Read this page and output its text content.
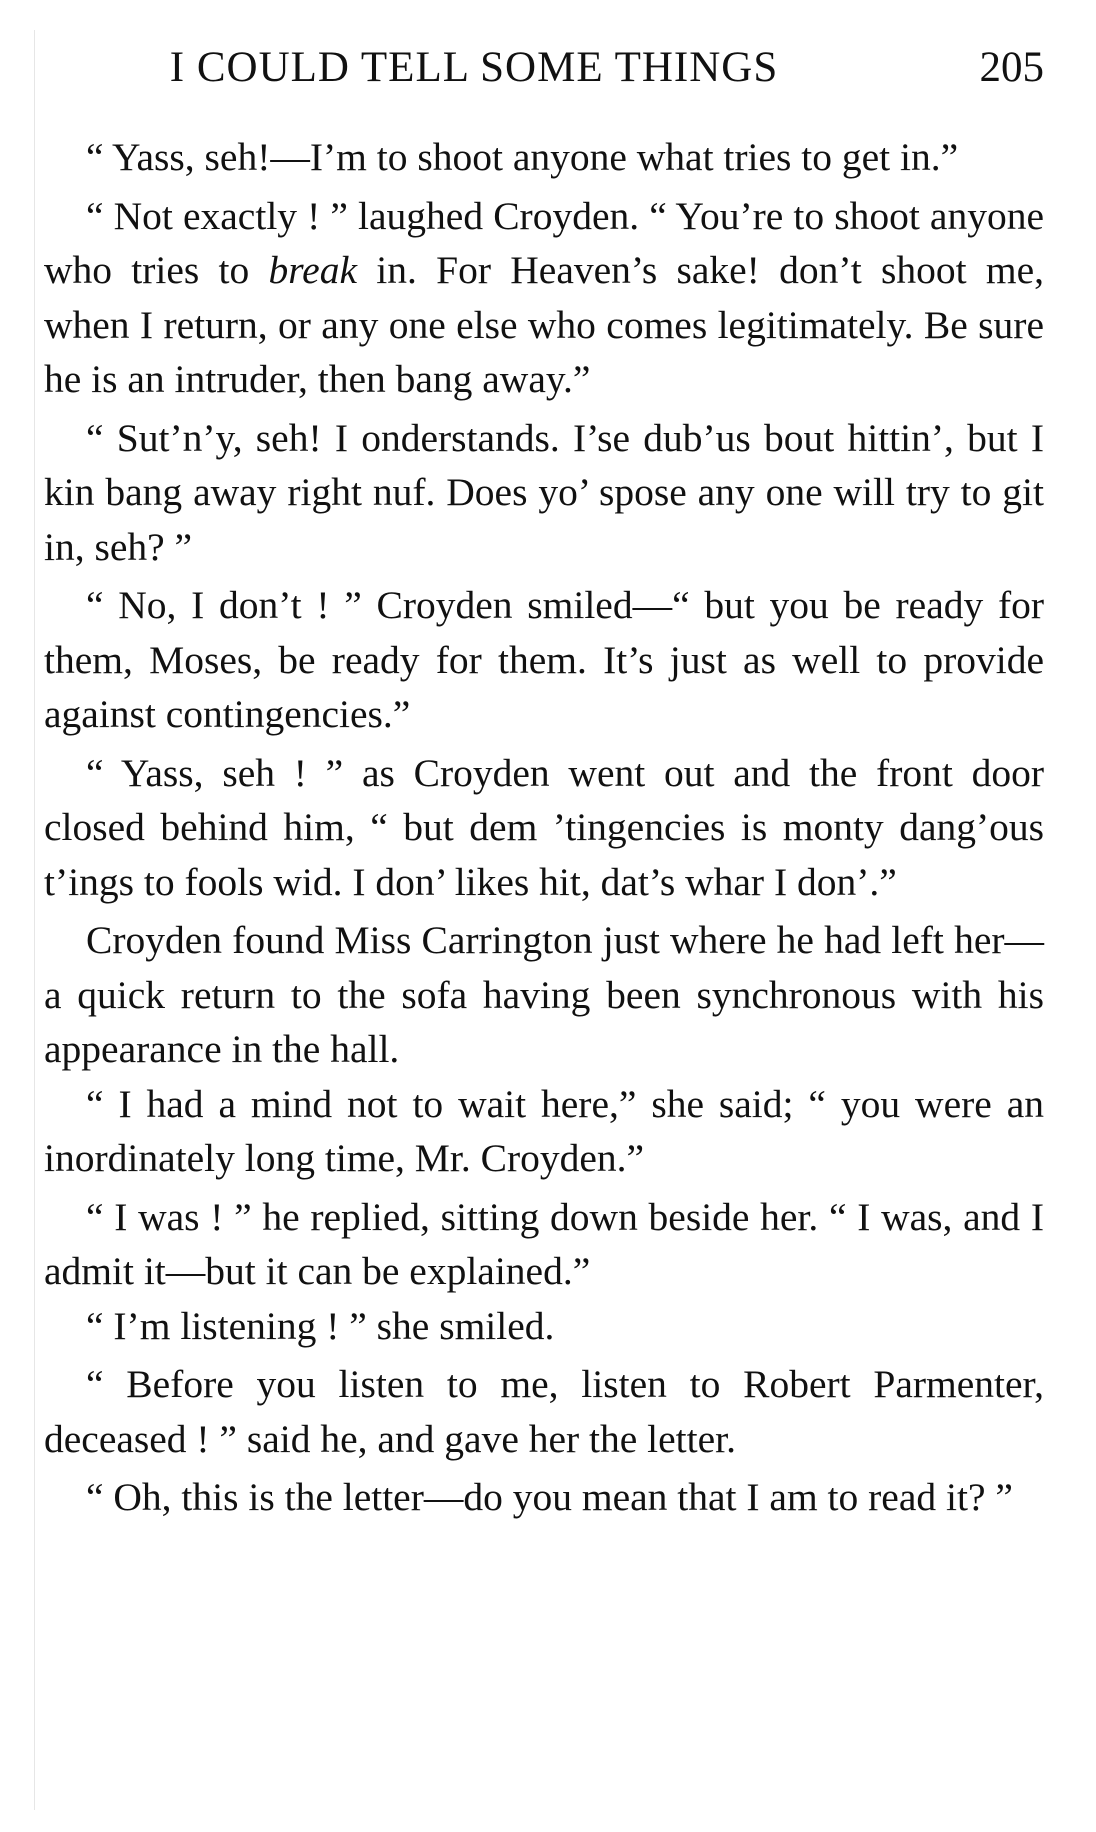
I COULD TELL SOME THINGS	205

“ Yass, seh!—I’m to shoot anyone what tries to get in.”

“ Not exactly ! ” laughed Croyden. “ You’re to shoot anyone who tries to break in. For Heaven’s sake! don’t shoot me, when I return, or any one else who comes legitimately. Be sure he is an intruder, then bang away.”

“ Sut’n’y, seh! I onderstands. I’se dub’us bout hittin’, but I kin bang away right nuf. Does yo’ spose any one will try to git in, seh? ”

“ No, I don’t ! ” Croyden smiled—“ but you be ready for them, Moses, be ready for them. It’s just as well to provide against contingencies.”

“ Yass, seh ! ” as Croyden went out and the front door closed behind him, “ but dem ’tingencies is monty dang’ous t’ings to fools wid. I don’ likes hit, dat’s whar I don’.”

Croyden found Miss Carrington just where he had left her—a quick return to the sofa having been synchronous with his appearance in the hall.

“ I had a mind not to wait here,” she said; “ you were an inordinately long time, Mr. Croyden.”

“ I was ! ” he replied, sitting down beside her. “ I was, and I admit it—but it can be explained.”

“ I’m listening ! ” she smiled.

“ Before you listen to me, listen to Robert Parmenter, deceased ! ” said he, and gave her the letter.

“ Oh, this is the letter—do you mean that I am to read it? ”
